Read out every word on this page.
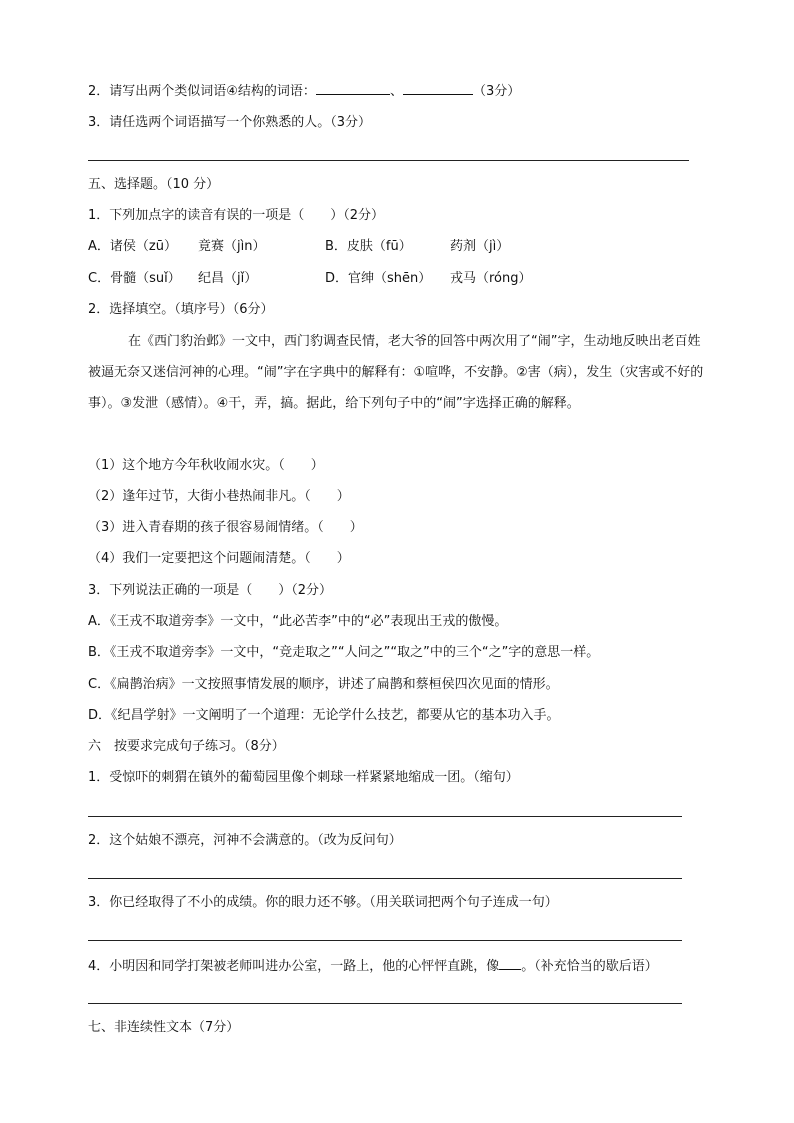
2．请写出两个类似词语④结构的词语：	、	（3分）
3．请任选两个词语描写一个你熟悉的人。（3分）
五、选择题。（10 分）
1．下列加点字的读音有误的一项是（　　）（2分）
A．诸侯（zū） 竟赛（jìn）	B．皮肤（fū）	药剂（jì）
C．骨髓（suǐ） 纪昌（jǐ）	D．官绅（shēn） 戎马（róng）
2．选择填空。（填序号）（6分）
在《西门豹治邺》一文中，西门豹调查民情，老大爷的回答中两次用了“闹”字，生动地反映出老百姓被逼无奈又迷信河神的心理。“闹”字在字典中的解释有：①喧哗，不安静。②害（病），发生（灾害或不好的事）。③发泄（感情）。④干，弄，搞。据此，给下列句子中的“闹”字选择正确的解释。
（1）这个地方今年秋收闹水灾。（　　）
（2）逢年过节，大街小巷热闹非凡。（　　）
（3）进入青春期的孩子很容易闹情绪。（　　）
（4）我们一定要把这个问题闹清楚。（　　）
3．下列说法正确的一项是（　　）（2分）
A．《王戎不取道旁李》一文中，“此必苦李”中的“必”表现出王戎的傲慢。
B．《王戎不取道旁李》一文中，“竞走取之”“人问之”“取之”中的三个“之”字的意思一样。
C．《扁鹊治病》一文按照事情发展的顺序，讲述了扁鹊和蔡桓侯四次见面的情形。
D．《纪昌学射》一文阐明了一个道理：无论学什么技艺，都要从它的基本功入手。
六　按要求完成句子练习。（8分）
1．受惊吓的刺猬在镇外的葡萄园里像个刺球一样紧紧地缩成一团。（缩句）
2．这个姑娘不漂亮，河神不会满意的。（改为反问句）
3．你已经取得了不小的成绩。你的眼力还不够。（用关联词把两个句子连成一句）
4．小明因和同学打架被老师叫进办公室，一路上，他的心怦怦直跳，像 。（补充恰当的歇后语）
七、非连续性文本（7分）
